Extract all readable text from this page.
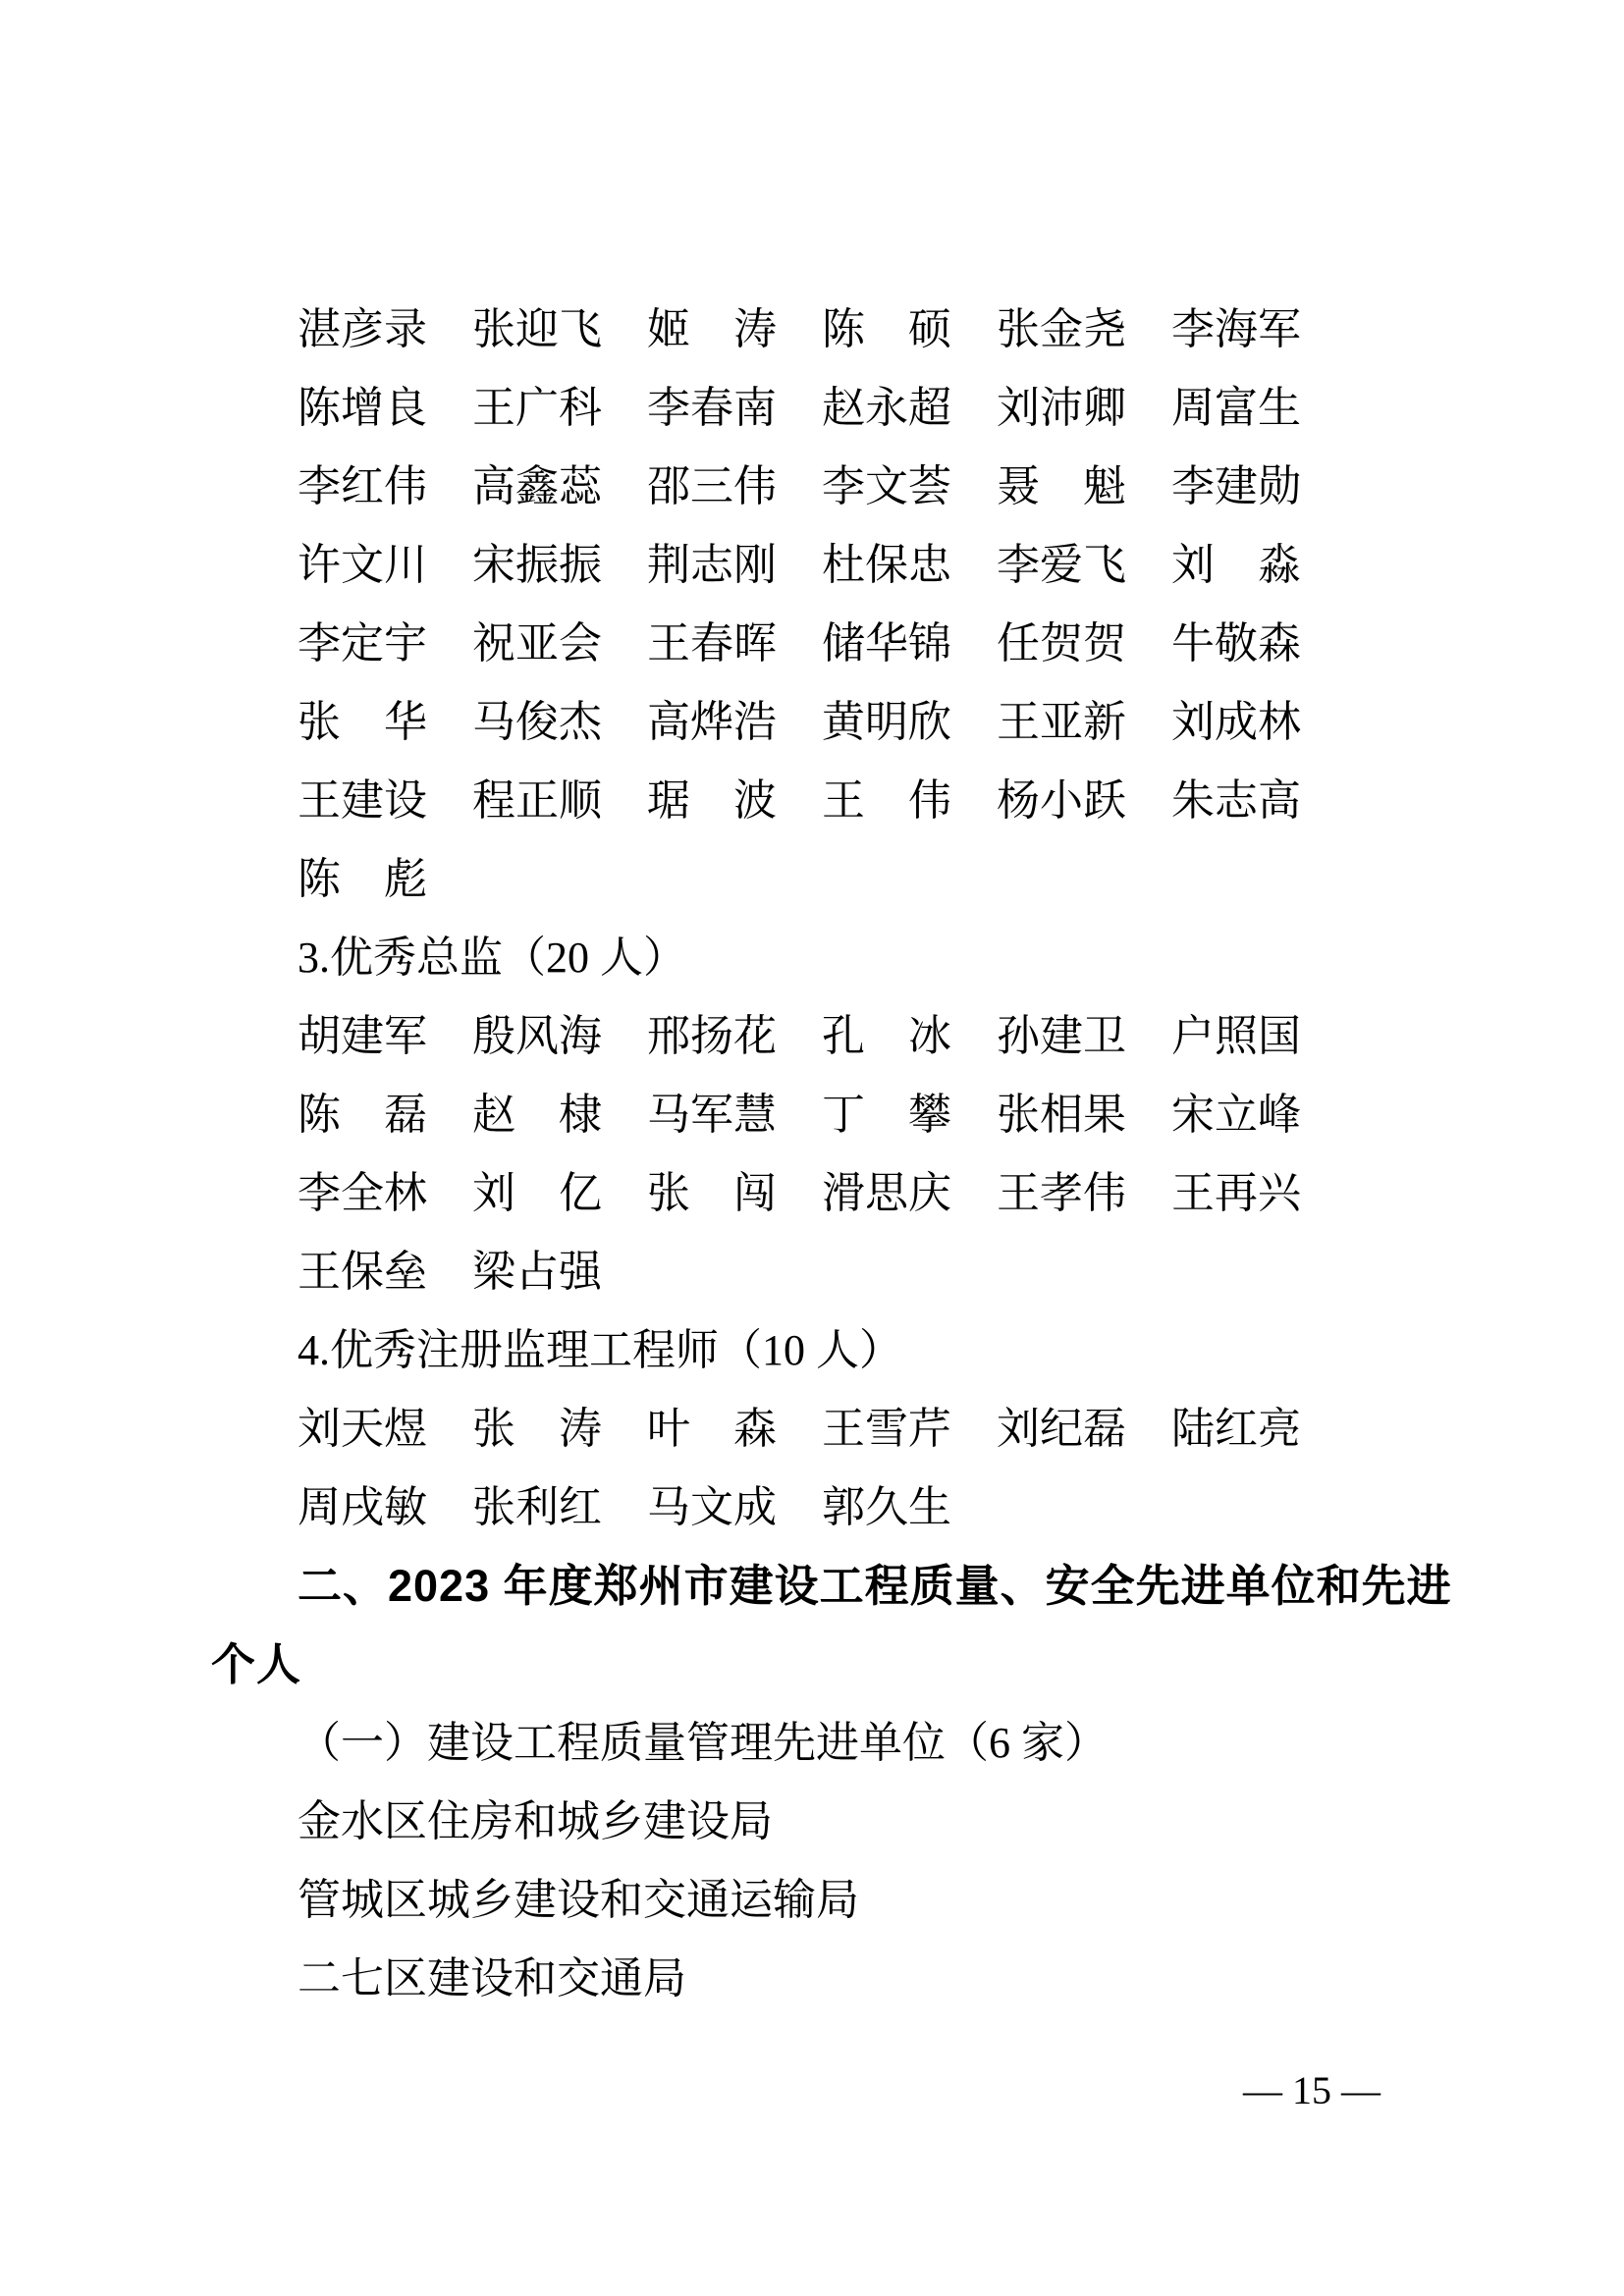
湛彦录 张迎飞 姬　涛 陈　硕 张金尧 李海军
陈增良 王广科 李春南 赵永超 刘沛卿 周富生
李红伟 高鑫蕊 邵三伟 李文荟 聂　魁 李建勋
许文川 宋振振 荆志刚 杜保忠 李爱飞 刘　淼
李定宇 祝亚会 王春晖 储华锦 任贺贺 牛敬森
张　华 马俊杰 高烨浩 黄明欣 王亚新 刘成林
王建设 程正顺 琚　波 王　伟 杨小跃 朱志高
陈　彪
3.优秀总监（20 人）
胡建军 殷风海 邢扬花 孔　冰 孙建卫 户照国
陈　磊 赵　棣 马军慧 丁　攀 张相果 宋立峰
李全林 刘　亿 张　闯 滑思庆 王孝伟 王再兴
王保垒 梁占强
4.优秀注册监理工程师（10 人）
刘天煜 张　涛 叶　森 王雪芹 刘纪磊 陆红亮
周戌敏 张利红 马文成 郭久生
二、2023 年度郑州市建设工程质量、安全先进单位和先进
个人
（一）建设工程质量管理先进单位（6 家）
金水区住房和城乡建设局
管城区城乡建设和交通运输局
二七区建设和交通局
— 15 —
